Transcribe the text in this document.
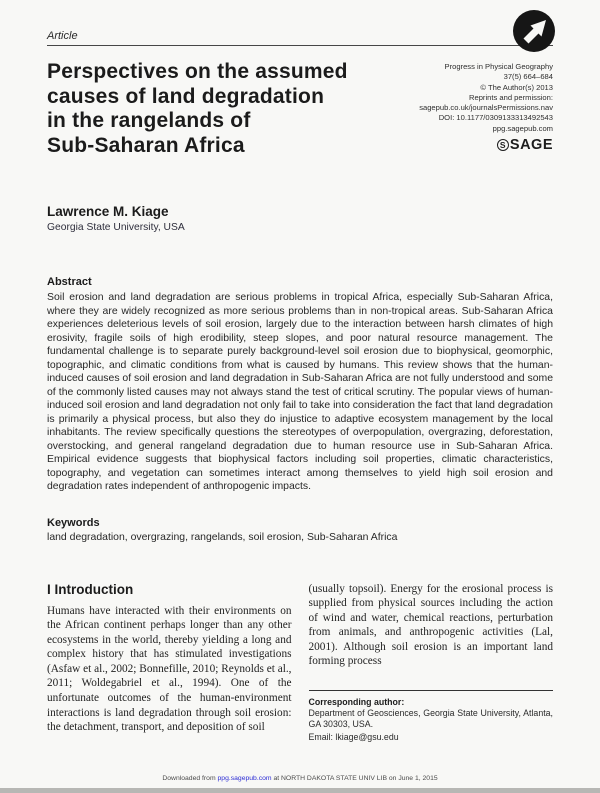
Article
Perspectives on the assumed
causes of land degradation
in the rangelands of
Sub-Saharan Africa
Progress in Physical Geography
37(5) 664–684
© The Author(s) 2013
Reprints and permission:
sagepub.co.uk/journalsPermissions.nav
DOI: 10.1177/0309133313492543
ppg.sagepub.com
S SAGE
Lawrence M. Kiage
Georgia State University, USA
Abstract
Soil erosion and land degradation are serious problems in tropical Africa, especially Sub-Saharan Africa, where they are widely recognized as more serious problems than in non-tropical areas. Sub-Saharan Africa experiences deleterious levels of soil erosion, largely due to the interaction between harsh climates of high erosivity, fragile soils of high erodibility, steep slopes, and poor natural resource management. The fundamental challenge is to separate purely background-level soil erosion due to biophysical, geomorphic, topographic, and climatic conditions from what is caused by humans. This review shows that the human-induced causes of soil erosion and land degradation in Sub-Saharan Africa are not fully understood and some of the commonly listed causes may not always stand the test of critical scrutiny. The popular views of human-induced soil erosion and land degradation not only fail to take into consideration the fact that land degradation is primarily a physical process, but also they do injustice to adaptive ecosystem management by the local inhabitants. The review specifically questions the stereotypes of overpopulation, overgrazing, deforestation, overstocking, and general rangeland degradation due to human resource use in Sub-Saharan Africa. Empirical evidence suggests that biophysical factors including soil properties, climatic characteristics, topography, and vegetation can sometimes interact among themselves to yield high soil erosion and degradation rates independent of anthropogenic impacts.
Keywords
land degradation, overgrazing, rangelands, soil erosion, Sub-Saharan Africa
I Introduction
Humans have interacted with their environments on the African continent perhaps longer than any other ecosystems in the world, thereby yielding a long and complex history that has stimulated investigations (Asfaw et al., 2002; Bonnefille, 2010; Reynolds et al., 2011; Woldegabriel et al., 1994). One of the unfortunate outcomes of the human-environment interactions is land degradation through soil erosion: the detachment, transport, and deposition of soil
(usually topsoil). Energy for the erosional process is supplied from physical sources including the action of wind and water, chemical reactions, perturbation from animals, and anthropogenic activities (Lal, 2001). Although soil erosion is an important land forming process
Corresponding author:
Department of Geosciences, Georgia State University, Atlanta, GA 30303, USA.
Email: lkiage@gsu.edu
Downloaded from ppg.sagepub.com at NORTH DAKOTA STATE UNIV LIB on June 1, 2015
